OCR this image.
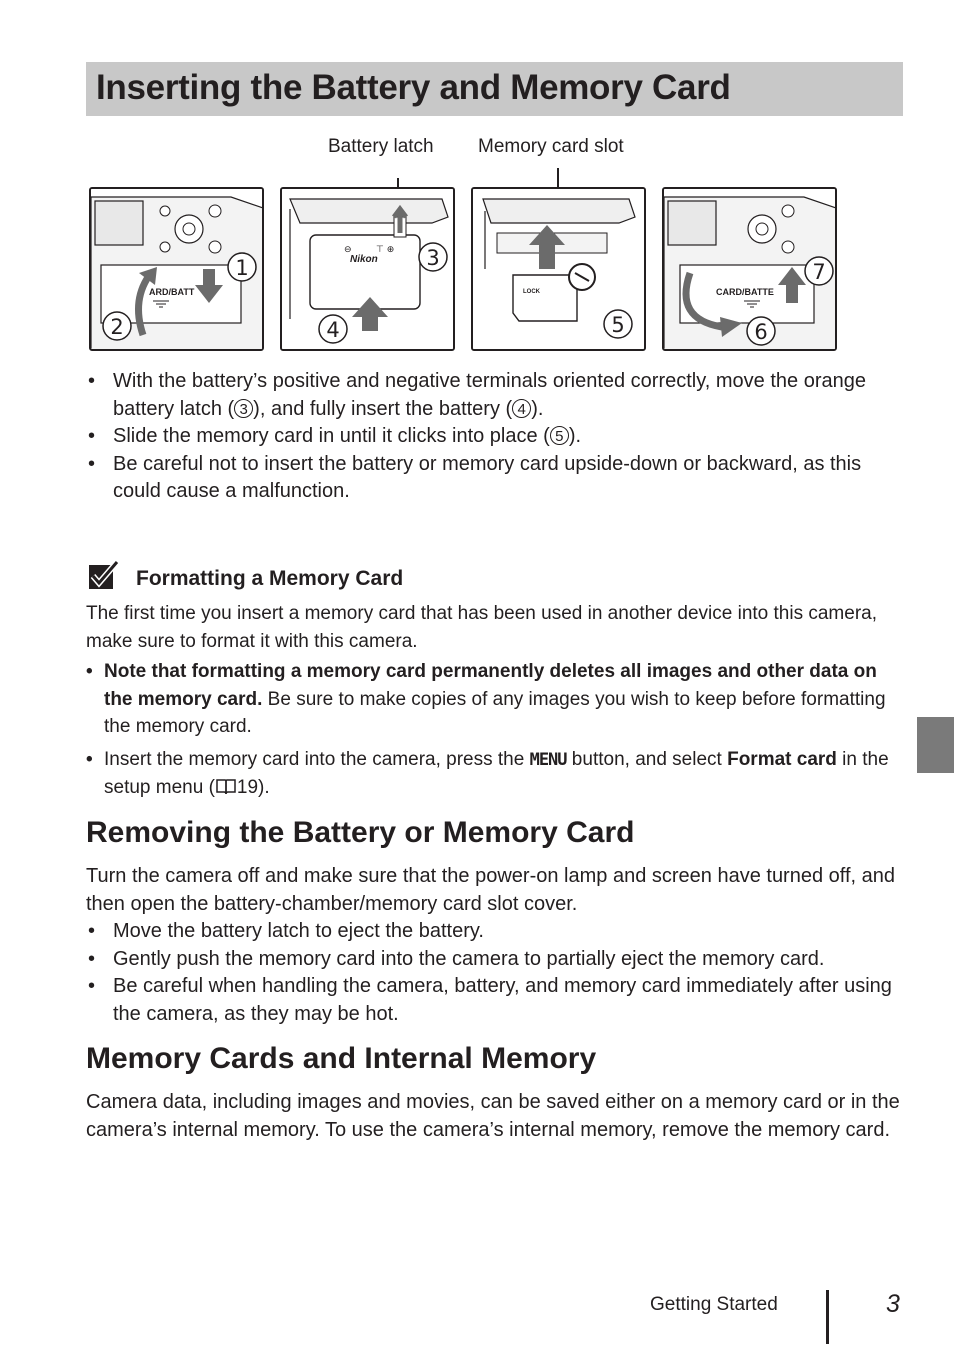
Inserting the Battery and Memory Card
Battery latch Memory card slot
ARD/BATT
1
2
Nikon
⊖	⊤ ⊕ 3
4
LOCK
5
CARD/BATTE
7
6
• With the battery’s positive and negative terminals oriented correctly, move the orange battery latch ( 3 ), and fully insert the battery ( 4 ).
• Slide the memory card in until it clicks into place ( 5 ).
• Be careful not to insert the battery or memory card upside-down or backward, as this could cause a malfunction.
Formatting a Memory Card
The first time you insert a memory card that has been used in another device into this camera, make sure to format it with this camera.
• Note that formatting a memory card permanently deletes all images and other data on the memory card. Be sure to make copies of any images you wish to keep before formatting the memory card.
• Insert the memory card into the camera, press the MENU button, and select Format card in the setup menu ( 19).
Removing the Battery or Memory Card

Turn the camera off and make sure that the power-on lamp and screen have turned off, and then open the battery-chamber/memory card slot cover.

• Move the battery latch to eject the battery.
• Gently push the memory card into the camera to partially eject the memory card.
• Be careful when handling the camera, battery, and memory card immediately after using the camera, as they may be hot.
Memory Cards and Internal Memory

Camera data, including images and movies, can be saved either on a memory card or in the camera’s internal memory. To use the camera’s internal memory, remove the memory card.

Getting Started	3
